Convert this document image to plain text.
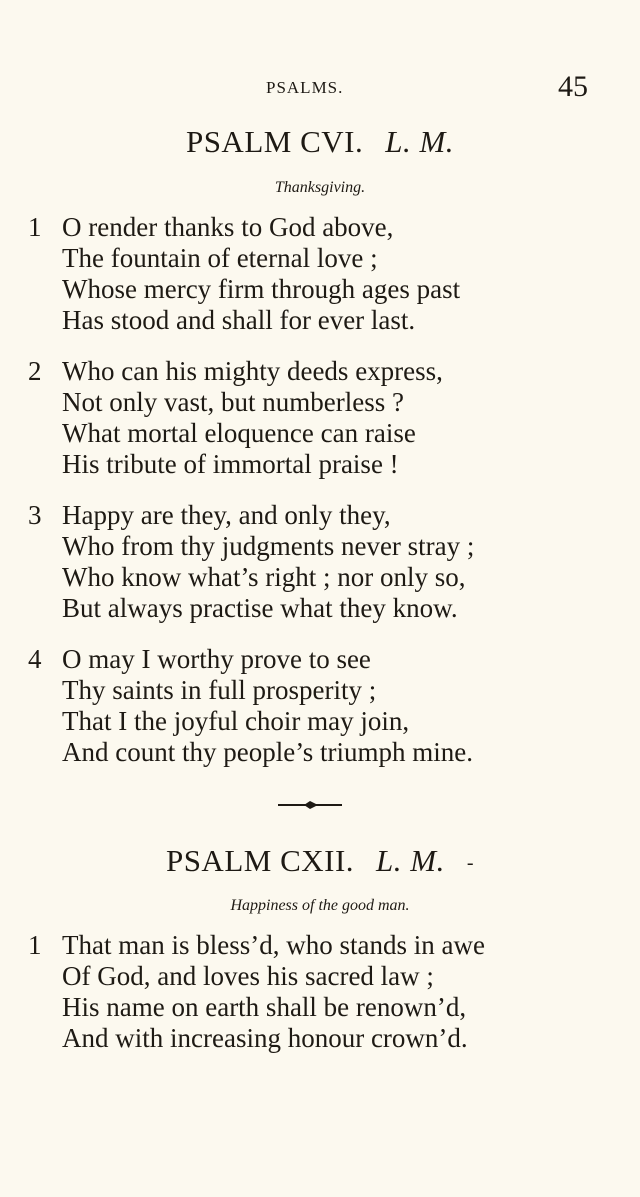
PSALMS.	45
PSALM CVI. L. M.
Thanksgiving.
1 O render thanks to God above,
The fountain of eternal love ;
Whose mercy firm through ages past
Has stood and shall for ever last.
2 Who can his mighty deeds express,
Not only vast, but numberless ?
What mortal eloquence can raise
His tribute of immortal praise !
3 Happy are they, and only they,
Who from thy judgments never stray ;
Who know what’s right ; nor only so,
But always practise what they know.
4 O may I worthy prove to see
Thy saints in full prosperity ;
That I the joyful choir may join,
And count thy people’s triumph mine.
PSALM CXII. L. M. -
Happiness of the good man.
1 That man is bless’d, who stands in awe
Of God, and loves his sacred law ;
His name on earth shall be renown’d,
And with increasing honour crown’d.
